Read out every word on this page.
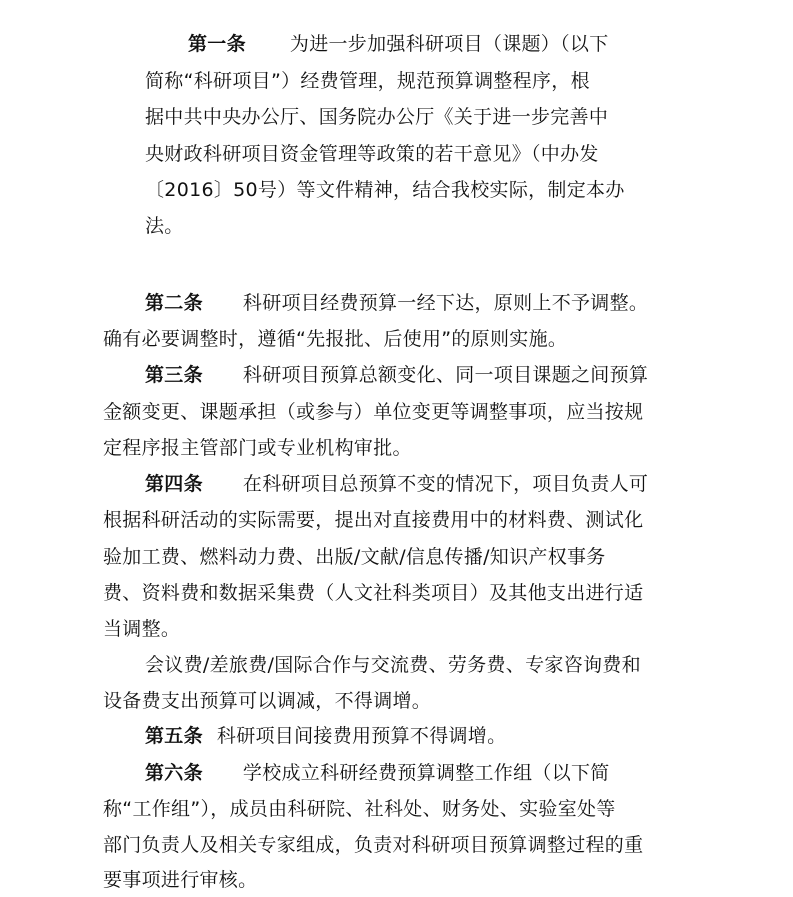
第一条 为进一步加强科研项目（课题）（以下
简称“科研项目”）经费管理，规范预算调整程序，根
据中共中央办公厅、国务院办公厅《关于进一步完善中
央财政科研项目资金管理等政策的若干意见》（中办发
〔2016〕50号）等文件精神，结合我校实际，制定本办
法。
第二条 科研项目经费预算一经下达，原则上不予调整。
确有必要调整时，遵循“先报批、后使用”的原则实施。
第三条 科研项目预算总额变化、同一项目课题之间预算
金额变更、课题承担（或参与）单位变更等调整事项，应当按规
定程序报主管部门或专业机构审批。
第四条 在科研项目总预算不变的情况下，项目负责人可
根据科研活动的实际需要，提出对直接费用中的材料费、测试化
验加工费、燃料动力费、出版/文献/信息传播/知识产权事务
费、资料费和数据采集费（人文社科类项目）及其他支出进行适
当调整。
会议费/差旅费/国际合作与交流费、劳务费、专家咨询费和
设备费支出预算可以调减，不得调增。
第五条 科研项目间接费用预算不得调增。
第六条 学校成立科研经费预算调整工作组（以下简
称“工作组”），成员由科研院、社科处、财务处、实验室处等
部门负责人及相关专家组成，负责对科研项目预算调整过程的重
要事项进行审核。
